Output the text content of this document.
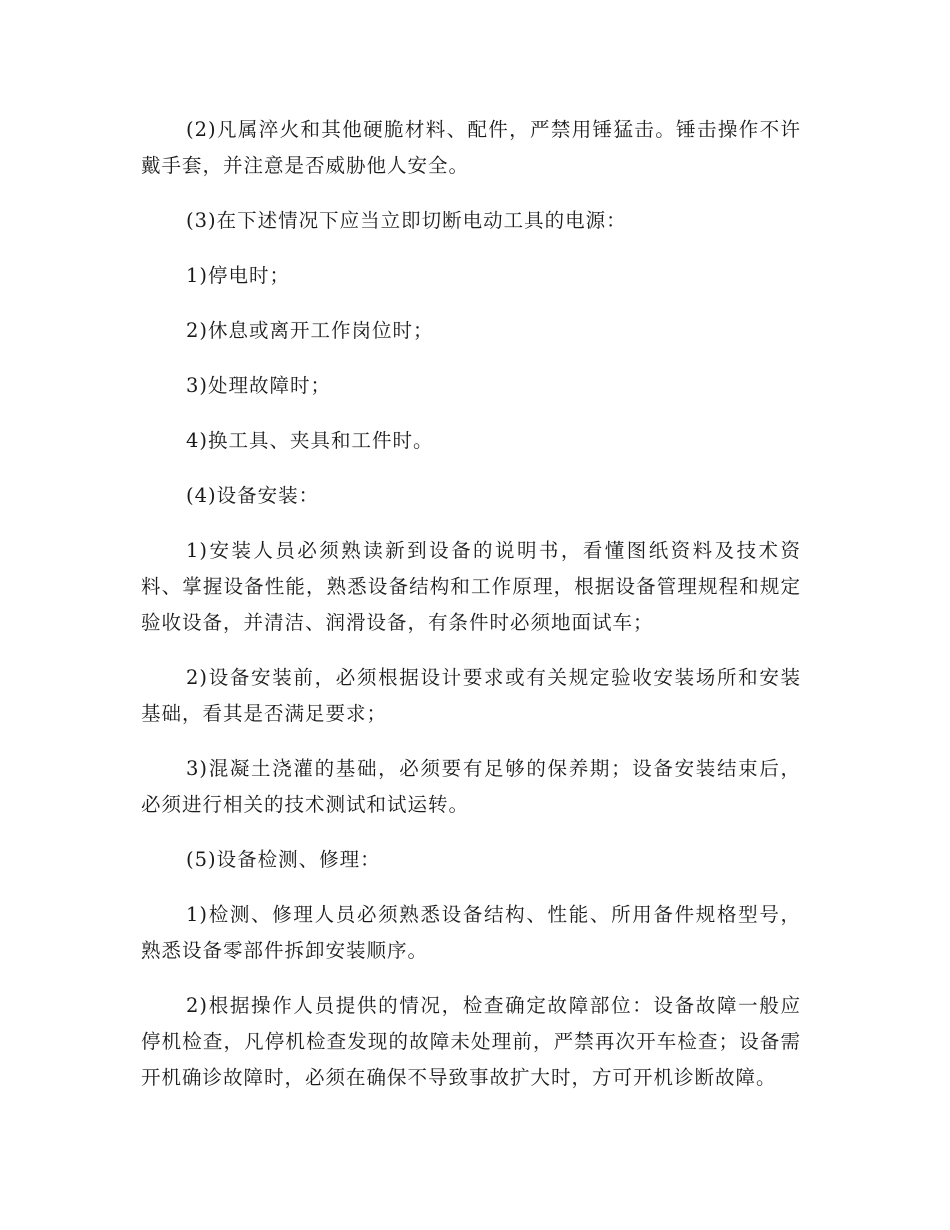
(2)凡属淬火和其他硬脆材料、配件，严禁用锤猛击。锤击操作不许戴手套，并注意是否威胁他人安全。

(3)在下述情况下应当立即切断电动工具的电源：

1)停电时；

2)休息或离开工作岗位时；

3)处理故障时；

4)换工具、夹具和工件时。

(4)设备安装：

1)安装人员必须熟读新到设备的说明书，看懂图纸资料及技术资料、掌握设备性能，熟悉设备结构和工作原理，根据设备管理规程和规定验收设备，并清洁、润滑设备，有条件时必须地面试车；

2)设备安装前，必须根据设计要求或有关规定验收安装场所和安装基础，看其是否满足要求；

3)混凝土浇灌的基础，必须要有足够的保养期；设备安装结束后，必须进行相关的技术测试和试运转。

(5)设备检测、修理：

1)检测、修理人员必须熟悉设备结构、性能、所用备件规格型号，熟悉设备零部件拆卸安装顺序。

2)根据操作人员提供的情况，检查确定故障部位：设备故障一般应停机检查，凡停机检查发现的故障未处理前，严禁再次开车检查；设备需开机确诊故障时，必须在确保不导致事故扩大时，方可开机诊断故障。
